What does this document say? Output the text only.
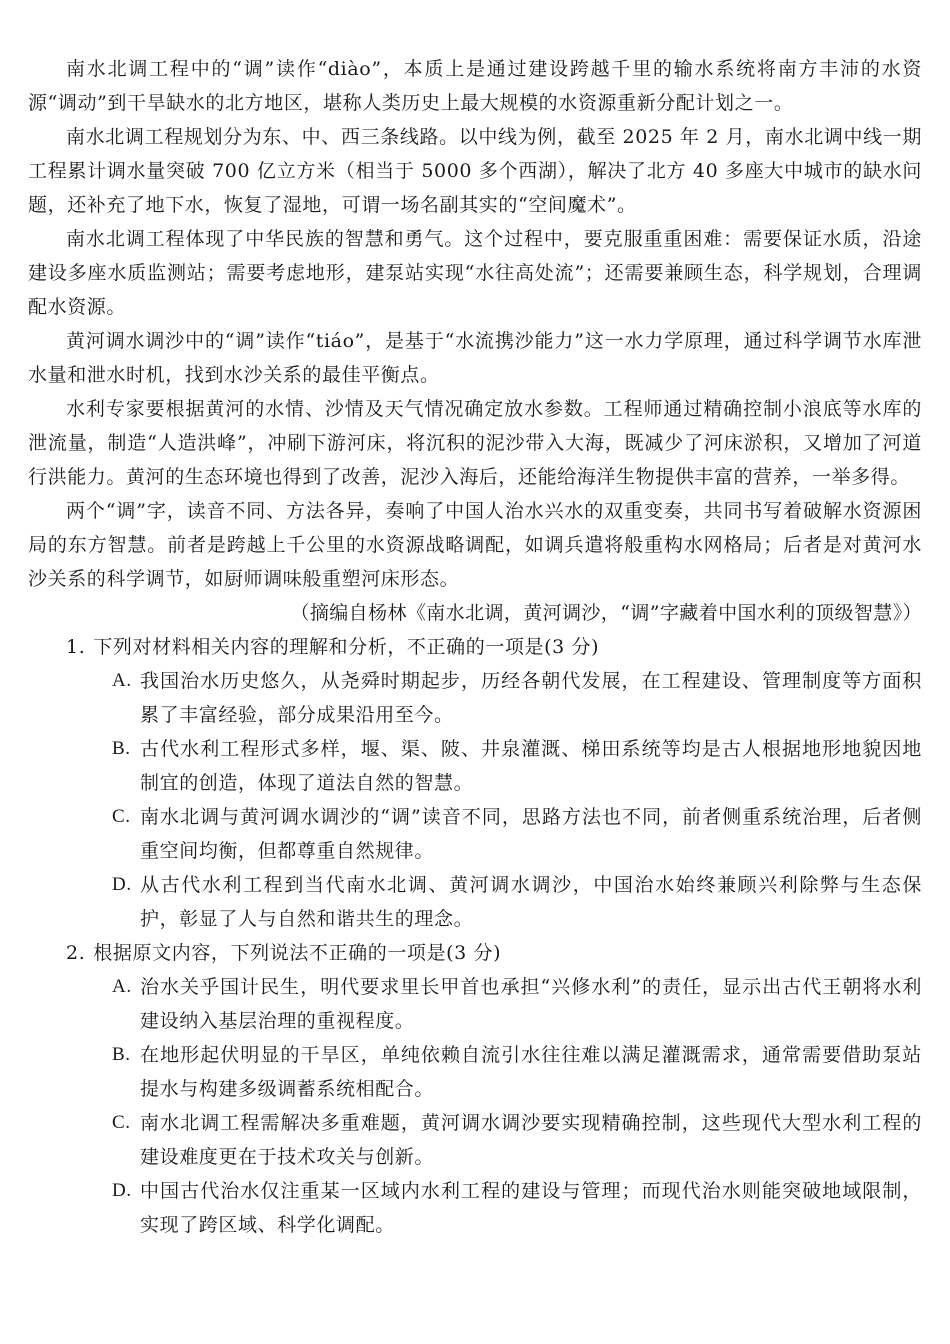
南水北调工程中的“调”读作“diào”，本质上是通过建设跨越千里的输水系统将南方丰沛的水资源“调动”到干旱缺水的北方地区，堪称人类历史上最大规模的水资源重新分配计划之一。

南水北调工程规划分为东、中、西三条线路。以中线为例，截至 2025 年 2 月，南水北调中线一期工程累计调水量突破 700 亿立方米（相当于 5000 多个西湖），解决了北方 40 多座大中城市的缺水问题，还补充了地下水，恢复了湿地，可谓一场名副其实的“空间魔术”。

南水北调工程体现了中华民族的智慧和勇气。这个过程中，要克服重重困难：需要保证水质，沿途建设多座水质监测站；需要考虑地形，建泵站实现“水往高处流”；还需要兼顾生态，科学规划，合理调配水资源。

黄河调水调沙中的“调”读作“tiáo”，是基于“水流携沙能力”这一水力学原理，通过科学调节水库泄水量和泄水时机，找到水沙关系的最佳平衡点。

水利专家要根据黄河的水情、沙情及天气情况确定放水参数。工程师通过精确控制小浪底等水库的泄流量，制造“人造洪峰”，冲刷下游河床，将沉积的泥沙带入大海，既减少了河床淤积，又增加了河道行洪能力。黄河的生态环境也得到了改善，泥沙入海后，还能给海洋生物提供丰富的营养，一举多得。

两个“调”字，读音不同、方法各异，奏响了中国人治水兴水的双重变奏，共同书写着破解水资源困局的东方智慧。前者是跨越上千公里的水资源战略调配，如调兵遣将般重构水网格局；后者是对黄河水沙关系的科学调节，如厨师调味般重塑河床形态。

（摘编自杨林《南水北调，黄河调沙，“调”字藏着中国水利的顶级智慧》）

1. 下列对材料相关内容的理解和分析，不正确的一项是(3 分)

A. 我国治水历史悠久，从尧舜时期起步，历经各朝代发展，在工程建设、管理制度等方面积累了丰富经验，部分成果沿用至今。

B. 古代水利工程形式多样，堰、渠、陂、井泉灌溉、梯田系统等均是古人根据地形地貌因地制宜的创造，体现了道法自然的智慧。

C. 南水北调与黄河调水调沙的“调”读音不同，思路方法也不同，前者侧重系统治理，后者侧重空间均衡，但都尊重自然规律。

D. 从古代水利工程到当代南水北调、黄河调水调沙，中国治水始终兼顾兴利除弊与生态保护，彰显了人与自然和谐共生的理念。

2. 根据原文内容，下列说法不正确的一项是(3 分)

A. 治水关乎国计民生，明代要求里长甲首也承担“兴修水利”的责任，显示出古代王朝将水利建设纳入基层治理的重视程度。

B. 在地形起伏明显的干旱区，单纯依赖自流引水往往难以满足灌溉需求，通常需要借助泵站提水与构建多级调蓄系统相配合。

C. 南水北调工程需解决多重难题，黄河调水调沙要实现精确控制，这些现代大型水利工程的建设难度更在于技术攻关与创新。

D. 中国古代治水仅注重某一区域内水利工程的建设与管理；而现代治水则能突破地域限制，实现了跨区域、科学化调配。
